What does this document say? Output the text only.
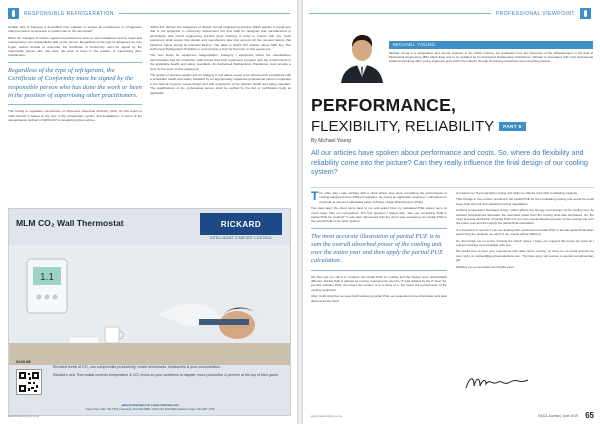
RESPONSIBLE REFRIGERATION

installer who is Category A accredited may maintain or service air conditioners or refrigeration units but cannot commission or install units on his own behalf.

When the Category IV (where registered practitioners work on new installations and do repair and maintenance), the responsibility falls on the person. Regardless of the type of refrigerant, be it an F-gas, carbon dioxide or ammonia, the Certificate of Conformity must be signed by the responsible person who has done the work or been in the position of supervising other practitioners.

Regardless of the type of refrigerant, the Certificate of Conformity must be signed by the responsible person who has done the work or been in the position of supervising other practitioners.

The closing in regulation conventions on Approved Inspection Authority (AIA). An AIA report to mark flourish is based on the size of the refrigeration system and installations, in terms of the categorisation defined in SANS 347 in categorising them above.

SANS 347 defines five categories of hazard. Sound engineering practice (SEP) applies to equipment that is not subjected to conformity assessment but that shall be designed and manufactured in accordance with sound engineering practice (best practice) in order to ensure safe use. Such equipment shall ensure that design and manufacture take into account all the relevant factors that influence safety during its intended lifetime. The table in SANS 347 defines where SEP lies. The Authorised Refrigeration Practitioner must provide a CoC for the work on this equipment.

The next levels for equipment categorisation: Category I equipment where the manufacturer demonstrates that the contractor shall ensure that such equipment complies with the requirements of the applicable health and safety standards. An Authorised Refrigeration Practitioner must provide a CoC for the work on this equipment.

The design of pressure equipment for category II and above needs to be approved for compliance with a scheduled health and safety standard by an appropriately registered professional person competent in the field of pressure vessel design and with experience of the relevant health and safety standard. The qualifications of the professional person shall be verified by the AIA or certification body as applicable.

MLM CO₂ Wall Thermostat	RICKARD
INTELLIGENT COMFORT CONTROL
1.1
SCAN ME

Elevated levels of CO₂ can compromise productivity, create drowsiness, headaches & poor concentration.

Rickard's new Thermostat controls temperature & CO₂ levels so your workforce is happier, more productive & perform at the top of their game.

sales@rickardair.com | www.rickardair.com
Cape Town: 021 794 7533 | Gauteng: 012 004 0886 | KZN: 031 569 6180 | Eastern Cape: 041 487 1760
www.hvacronline.co.za
PROFESSIONAL VIEWPOINT
MICHAEL YOUNG
Michael Young is a refrigeration and control engineer in the HVAC industry. He graduated from the University of the Witwatersrand in the field of Mechanical Engineering (BSc Mech Eng) and is an qualified as an Authorised Refrigeration Practitioner. Michael is associated with local professional bodies and helping other young engineers grow within the industry through his training workshops and consulting practice.
PERFORMANCE,
FLEXIBILITY, RELIABILITY	PART 6
By Michael Young
All our articles have spoken about performance and costs. So, where do flexibility and reliability come into the picture? Can they really influence the final design of our cooling system?

The other day I was working with a client where they were comparing the performance of cooling equipment from different suppliers. So, being an application engineer, I submitted our proposal as well as a calculated value of Power Usage Effectiveness (PUE).

Two days later, the client came back to me and asked how my calculated PUE values were so much lower than our competitors. The first question I asked was, “Are you comparing PUE to partial PUE for cooling?” It was later discovered that the client was comparing our partial PUE to the overall PUE of his other options.

The most accurate illustration of partial PUE is to sum the overall absorbed power of the cooling unit over the entire year and then apply the partial PUE calculation.

We then got our client to compare the partial PUE for cooling and the figures were substantially different. Partial PUE is defined as cooling requirements plus the IT load divided by the IT load. So, just like ordinary PUE, the closer the number is to a value of 1, the better the performance of the cooling equipment.

After confirming that we were both looking at partial PUE, we requested more information and later discovered the client

compared our fixed standard cooling unit while we offered units with modulating capacity.

This change in the number resulted in the partial PUE for the modulating cooling unit would be much lower than the unit with standard cooling capabilities.

Ambient temperature fluctuates hourly, which affects the energy consumption of the cooling unit. As ambient temperatures decrease, the absorbed power from the cooling units also decreases. So, the most accurate illustration of partial PUE is to sum the overall absorbed power of the cooling unit over the entire year and then apply the partial PUE calculation.

It is important to specify if you are dealing with maximum/no partial PUE or annual partial PUE when performing the analysis, as each of the results will be different.

So, this brings me on to the “Cooling the cloud” series. I hope you enjoyed this series as much as I enjoyed sharing my knowledge with you.

We would love to hear your experience with data centre cooling, so drop me an email and tell me your story at michael@greyhvacsolutions.com. The best story will receive a special complimentary gift.

Wishing you a successful and fruitful year!

www.hvacronline.co.za	RACA Journal | June 2019 65
